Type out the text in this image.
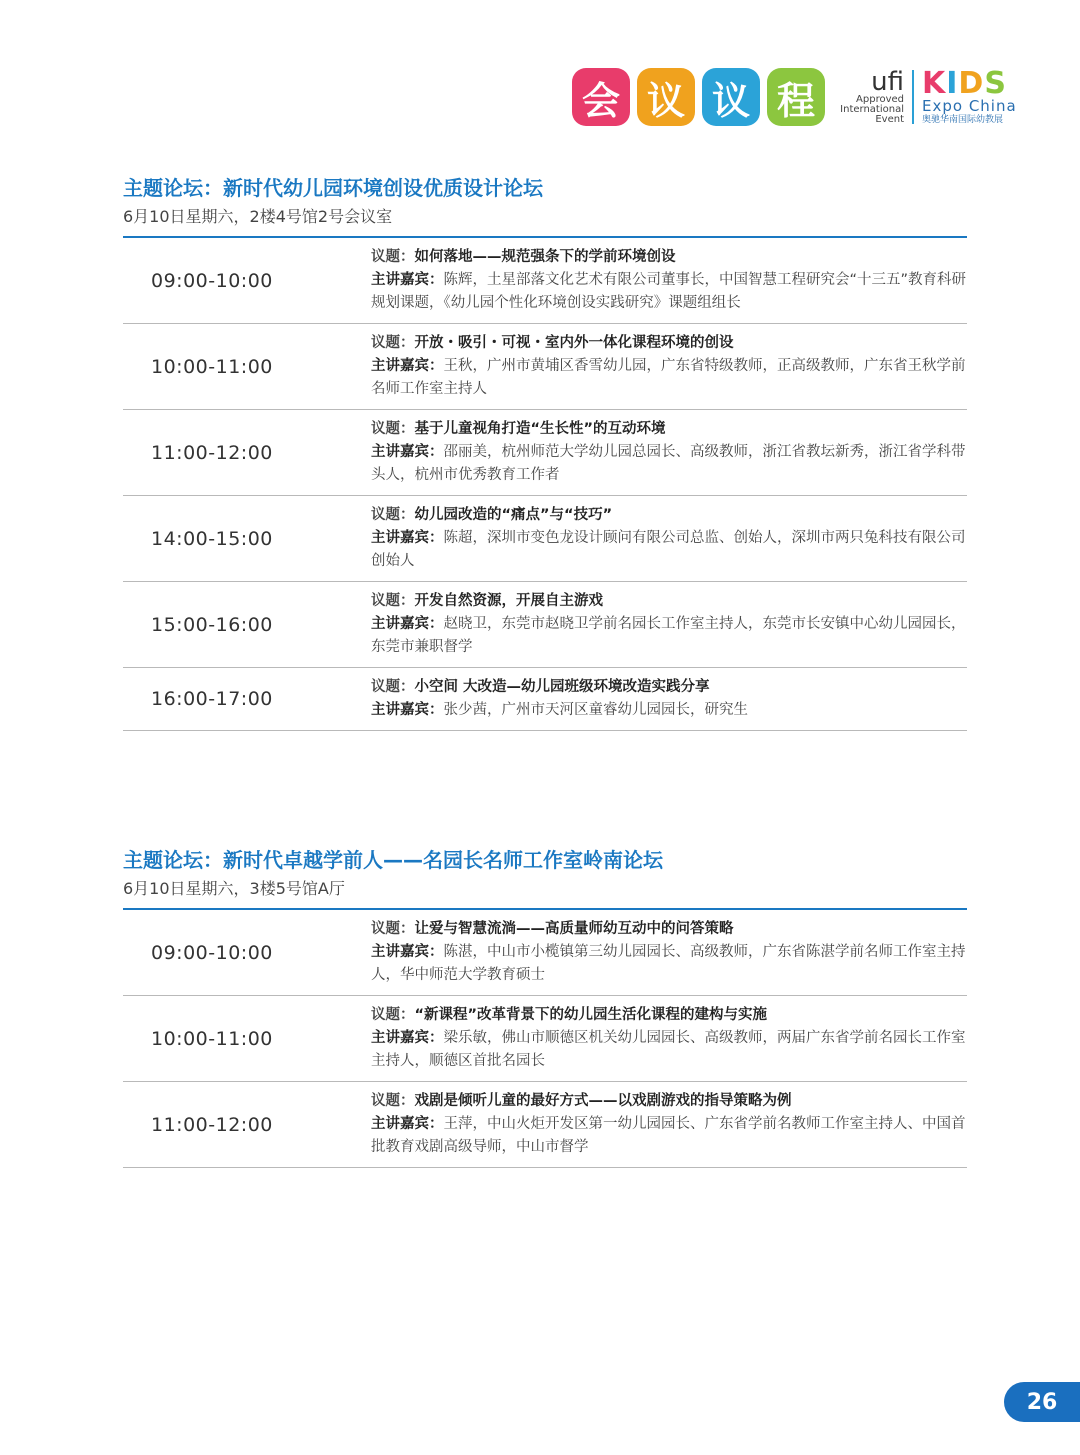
会 议 议 程	ufi
Approved
International
Event
KIDS
Expo China
奥驰华南国际幼教展
主题论坛：新时代幼儿园环境创设优质设计论坛
6月10日星期六，2楼4号馆2号会议室
09:00-10:00
议题：如何落地——规范强条下的学前环境创设
主讲嘉宾：陈辉，土星部落文化艺术有限公司董事长，中国智慧工程研究会“十三五”教育科研规划课题，《幼儿园个性化环境创设实践研究》课题组组长
10:00-11:00
议题：开放・吸引・可视・室内外一体化课程环境的创设
主讲嘉宾：王秋，广州市黄埔区香雪幼儿园，广东省特级教师，正高级教师，广东省王秋学前名师工作室主持人
11:00-12:00
议题：基于儿童视角打造“生长性”的互动环境
主讲嘉宾：邵丽美，杭州师范大学幼儿园总园长、高级教师，浙江省教坛新秀，浙江省学科带头人，杭州市优秀教育工作者
14:00-15:00
议题：幼儿园改造的“痛点”与“技巧”
主讲嘉宾：陈超，深圳市变色龙设计顾问有限公司总监、创始人，深圳市两只兔科技有限公司创始人
15:00-16:00
议题：开发自然资源，开展自主游戏
主讲嘉宾：赵晓卫，东莞市赵晓卫学前名园长工作室主持人，东莞市长安镇中心幼儿园园长，东莞市兼职督学
16:00-17:00
议题：小空间 大改造—幼儿园班级环境改造实践分享
主讲嘉宾：张少茜，广州市天河区童睿幼儿园园长，研究生
主题论坛：新时代卓越学前人——名园长名师工作室岭南论坛
6月10日星期六，3楼5号馆A厅
09:00-10:00
议题：让爱与智慧流淌——高质量师幼互动中的问答策略
主讲嘉宾：陈湛，中山市小榄镇第三幼儿园园长、高级教师，广东省陈湛学前名师工作室主持人，华中师范大学教育硕士
10:00-11:00
议题：“新课程”改革背景下的幼儿园生活化课程的建构与实施
主讲嘉宾：梁乐敏，佛山市顺德区机关幼儿园园长、高级教师，两届广东省学前名园长工作室主持人，顺德区首批名园长
11:00-12:00
议题：戏剧是倾听儿童的最好方式——以戏剧游戏的指导策略为例
主讲嘉宾：王萍，中山火炬开发区第一幼儿园园长、广东省学前名教师工作室主持人、中国首批教育戏剧高级导师，中山市督学
26
